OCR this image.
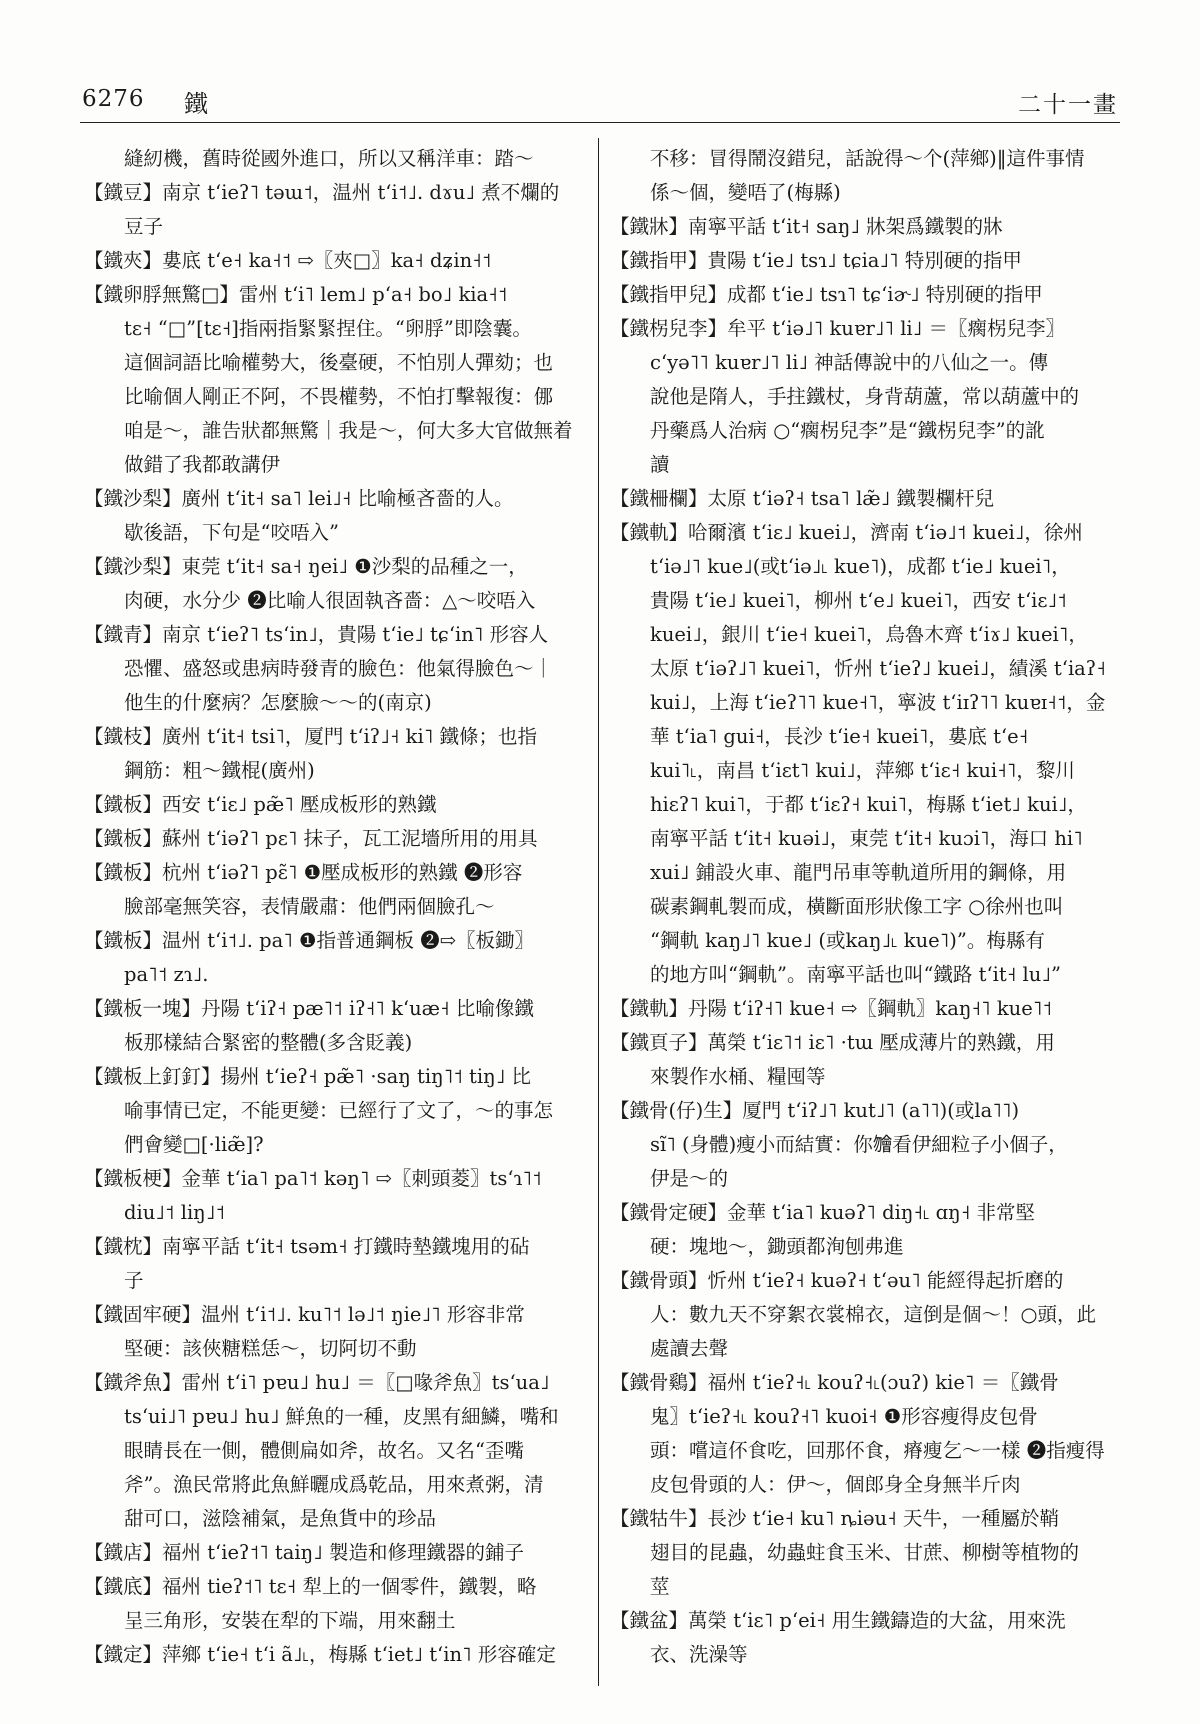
6276 鐵	二十一畫
縫紉機，舊時從國外進口，所以又稱洋車：踏～
【鐵豆】南京 tʻieʔ˥ təɯ˦，温州 tʻi˦˩. dɤu˩ 煮不爛的
豆子
【鐵夾】婁底 tʻe˧ ka˧˦ ⇨〖夾□〗ka˧ dʑin˧˦
【鐵卵脬無驚□】雷州 tʻi˥ lem˩ pʻa˧ bo˩ kia˧˦
tɛ˧ “□”[tɛ˧]指兩指緊緊捏住。“卵脬”即陰囊。
這個詞語比喻權勢大，後臺硬，不怕別人彈劾；也
比喻個人剛正不阿，不畏權勢，不怕打擊報復：㑚
咱是～，誰告狀都無驚｜我是～，何大多大官做無着
做錯了我都敢講伊
【鐵沙梨】廣州 tʻit˧ sa˥ lei˩˧ 比喻極吝嗇的人。
歇後語，下句是“咬唔入”
【鐵沙梨】東莞 tʻit˧ sa˧ ŋei˩ ❶沙梨的品種之一，
肉硬，水分少 ❷比喻人很固執吝嗇：△～咬唔入
【鐵青】南京 tʻieʔ˥ tsʻin˩，貴陽 tʻie˩ tɕʻin˥ 形容人
恐懼、盛怒或患病時發青的臉色：他氣得臉色～｜
他生的什麼病？怎麼臉～～的(南京)
【鐵枝】廣州 tʻit˧ tsi˥，厦門 tʻiʔ˩˧ ki˥ 鐵條；也指
鋼筋：粗～鐵棍(廣州)
【鐵板】西安 tʻiɛ˩ pæ̃˥ 壓成板形的熟鐵
【鐵板】蘇州 tʻiəʔ˥ pɛ˥ 抹子，瓦工泥墻所用的用具
【鐵板】杭州 tʻiəʔ˥ pɛ̃˥ ❶壓成板形的熟鐵 ❷形容
臉部毫無笑容，表情嚴肅：他們兩個臉孔～
【鐵板】温州 tʻi˦˩. pa˥ ❶指普通鋼板 ❷⇨〖板鋤〗
pa˥˦ zɿ˩.
【鐵板一塊】丹陽 tʻiʔ˧ pæ˥˦ iʔ˧˥ kʻuæ˧ 比喻像鐵
板那樣結合緊密的整體(多含貶義)
【鐵板上釘釘】揚州 tʻieʔ˧ pæ̃˥ ·saŋ tiŋ˥˦ tiŋ˩ 比
喻事情已定，不能更變：已經行了文了，～的事怎
們會變□[·liæ̃]?
【鐵板梗】金華 tʻia˥ pa˥˦ kəŋ˥ ⇨〖刺頭菱〗tsʻɿ˥˦
diu˩˦ liŋ˩˦
【鐵枕】南寧平話 tʻit˧ tsəm˧ 打鐵時墊鐵塊用的砧
子
【鐵固牢硬】温州 tʻi˦˩. ku˥˦ lə˩˦ ŋie˩˥ 形容非常
堅硬：該俠糖糕恁～，切阿切不動
【鐵斧魚】雷州 tʻi˥ pɐu˩ hu˩ ＝〖□喙斧魚〗tsʻua˩
tsʻui˩˥ pɐu˩ hu˩ 鮮魚的一種，皮黑有細鱗，嘴和
眼睛長在一側，體側扁如斧，故名。又名“歪嘴
斧”。漁民常將此魚鮮曬成爲乾品，用來煮粥，清
甜可口，滋陰補氣，是魚貨中的珍品
【鐵店】福州 tʻieʔ˦˥ taiŋ˩ 製造和修理鐵器的鋪子
【鐵底】福州 tieʔ˦˥ tɛ˧ 犁上的一個零件，鐵製，略
呈三角形，安裝在犁的下端，用來翻土
【鐵定】萍鄉 tʻie˧ tʻi ã˩˪，梅縣 tʻiet˩ tʻin˥ 形容確定
不移：冒得鬧沒錯兒，話說得～个(萍鄉)‖這件事情
係～個，變唔了(梅縣)
【鐵牀】南寧平話 tʻit˧ saŋ˩ 牀架爲鐵製的牀
【鐵指甲】貴陽 tʻie˩ tsɿ˩ tɕia˩˥ 特別硬的指甲
【鐵指甲兒】成都 tʻie˩ tsɿ˥ tɕʻiɚ˩ 特別硬的指甲
【鐵柺兒李】牟平 tʻiə˩˥ kuɐr˩˥ li˩ ＝〖瘸柺兒李〗
cʻyə˥˥ kuɐr˩˥ li˩ 神話傳說中的八仙之一。傳
說他是隋人，手拄鐵杖，身背葫蘆，常以葫蘆中的
丹藥爲人治病 ○“瘸柺兒李”是“鐵柺兒李”的訛
讀
【鐵柵欄】太原 tʻiəʔ˧ tsa˥ læ̃˩ 鐵製欄杆兒
【鐵軌】哈爾濱 tʻiɛ˩ kuei˩，濟南 tʻiə˩˦ kuei˩，徐州
tʻiə˩˥ kue˩(或tʻiə˩˪ kue˥)，成都 tʻie˩ kuei˥，
貴陽 tʻie˩ kuei˥，柳州 tʻe˩ kuei˥，西安 tʻiɛ˩˦
kuei˩，銀川 tʻie˧ kuei˥，烏魯木齊 tʻiɤ˩ kuei˥，
太原 tʻiəʔ˩˥ kuei˥，忻州 tʻieʔ˩ kuei˩，績溪 tʻiaʔ˧
kui˩，上海 tʻieʔ˥˥ kue˧˥，寧波 tʻiɪʔ˥˥ kuɐɪ˧˦，金
華 tʻia˥ gui˧，長沙 tʻie˧ kuei˥，婁底 tʻe˧
kui˥˪，南昌 tʻiɛt˥ kui˩，萍鄉 tʻiɛ˧ kui˧˥，黎川
hiɛʔ˥ kui˥，于都 tʻiɛʔ˧ kui˥，梅縣 tʻiet˩ kui˩，
南寧平話 tʻit˧ kuəi˩，東莞 tʻit˧ kuɔi˥，海口 hi˥
xui˩ 鋪設火車、龍門吊車等軌道所用的鋼條，用
碳素鋼軋製而成，橫斷面形狀像工字 ○徐州也叫
“鋼軌 kaŋ˩˥ kue˩ (或kaŋ˩˪ kue˥)”。梅縣有
的地方叫“鋼軌”。南寧平話也叫“鐵路 tʻit˧ lu˩”
【鐵軌】丹陽 tʻiʔ˧˥ kue˧ ⇨〖鋼軌〗kaŋ˧˥ kue˥˦
【鐵頁子】萬榮 tʻiɛ˥˦ iɛ˥ ·tɯ 壓成薄片的熟鐵，用
來製作水桶、糧囤等
【鐵骨(仔)生】厦門 tʻiʔ˩˥ kut˩˥ (a˥˥)(或la˥˥)
sĩ˥ (身體)瘦小而結實：你𣍐看伊細粒子小個子，
伊是～的
【鐵骨定硬】金華 tʻia˥ kuəʔ˥ diŋ˧˪ ɑŋ˧ 非常堅
硬：塊地～，鋤頭都洵刨弗進
【鐵骨頭】忻州 tʻieʔ˧ kuəʔ˧ tʻəu˥ 能經得起折磨的
人：數九天不穿絮衣裳棉衣，這倒是個～！○頭，此
處讀去聲
【鐵骨鷄】福州 tʻieʔ˧˪ kouʔ˧˪(ɔuʔ) kie˥ ＝〖鐵骨
鬼〗tʻieʔ˧˪ kouʔ˧˥ kuoi˧ ❶形容瘦得皮包骨
頭：嚐這伓食吃，回那伓食，瘠瘦乞～一樣 ❷指瘦得
皮包骨頭的人：伊～，個郎身全身無半斤肉
【鐵牯牛】長沙 tʻie˧ ku˥ ȵiəu˧ 天牛，一種屬於鞘
翅目的昆蟲，幼蟲蛀食玉米、甘蔗、柳樹等植物的
莖
【鐵盆】萬榮 tʻiɛ˥ pʻei˧ 用生鐵鑄造的大盆，用來洗
衣、洗澡等
